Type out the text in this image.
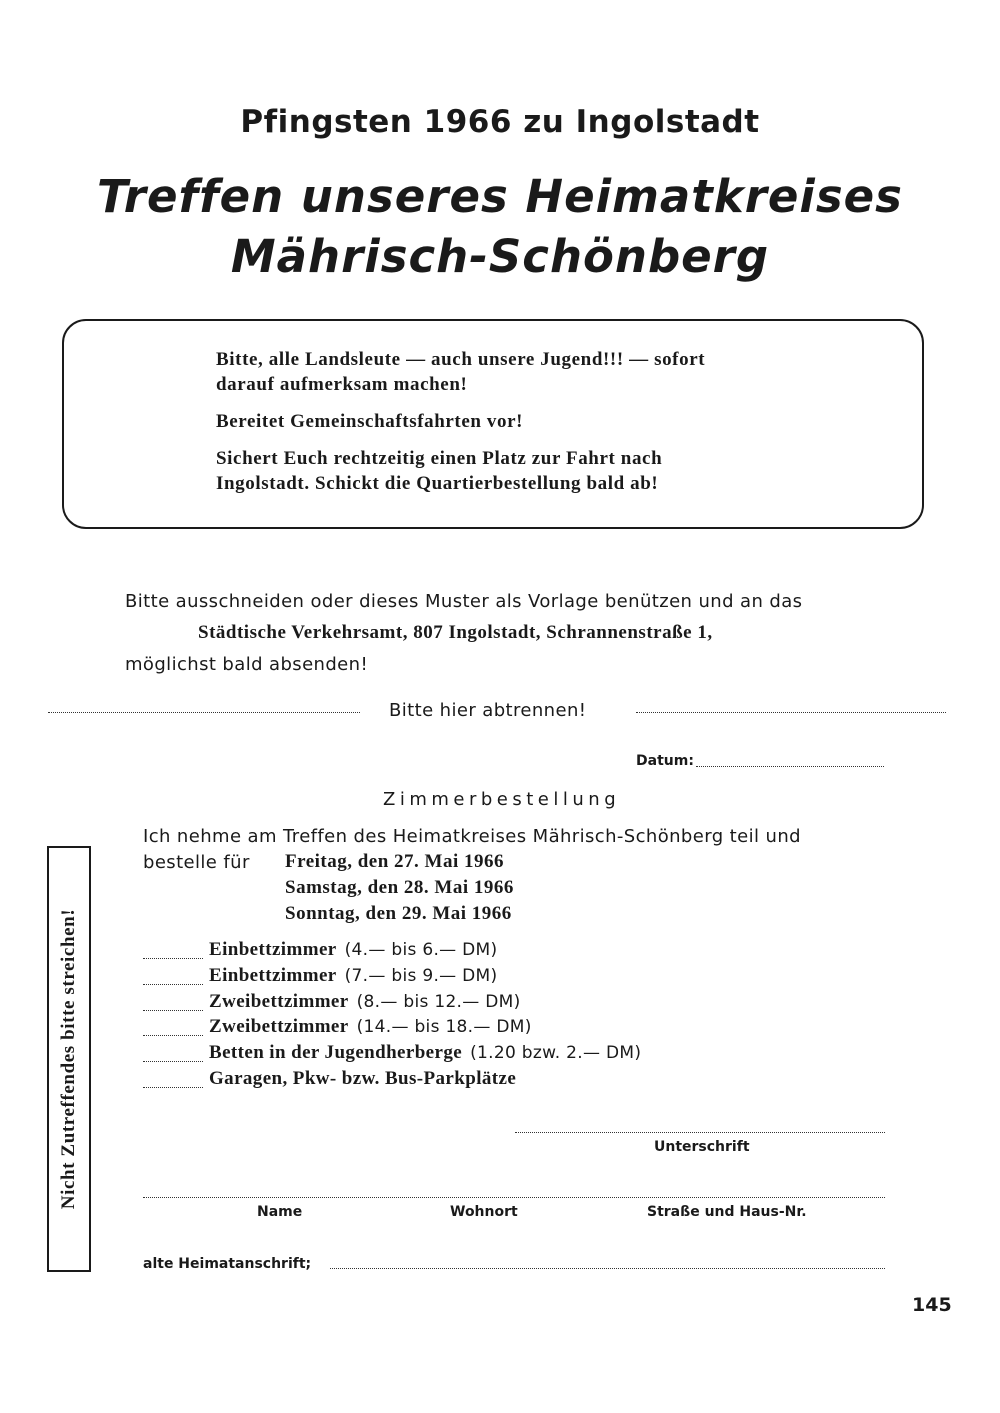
Pfingsten 1966 zu Ingolstadt
Treffen unseres Heimatkreises
Mährisch-Schönberg
Bitte, alle Landsleute — auch unsere Jugend!!! — sofort
darauf aufmerksam machen!
Bereitet Gemeinschaftsfahrten vor!
Sichert Euch rechtzeitig einen Platz zur Fahrt nach
Ingolstadt. Schickt die Quartierbestellung bald ab!
Bitte ausschneiden oder dieses Muster als Vorlage benützen und an das
Städtische Verkehrsamt, 807 Ingolstadt, Schrannenstraße 1,
möglichst bald absenden!
Bitte hier abtrennen!
Datum:
Zimmerbestellung
Ich nehme am Treffen des Heimatkreises Mährisch-Schönberg teil und
bestelle für Freitag, den 27. Mai 1966
Samstag, den 28. Mai 1966
Sonntag, den 29. Mai 1966
Einbettzimmer (4.— bis 6.— DM)
Einbettzimmer (7.— bis 9.— DM)
Zweibettzimmer (8.— bis 12.— DM)
Zweibettzimmer (14.— bis 18.— DM)
Betten in der Jugendherberge (1.20 bzw. 2.— DM)
Garagen, Pkw- bzw. Bus-Parkplätze
Unterschrift
Name	Wohnort	Straße und Haus-Nr.
alte Heimatanschrift;
Nicht Zutreffendes bitte streichen!
145
